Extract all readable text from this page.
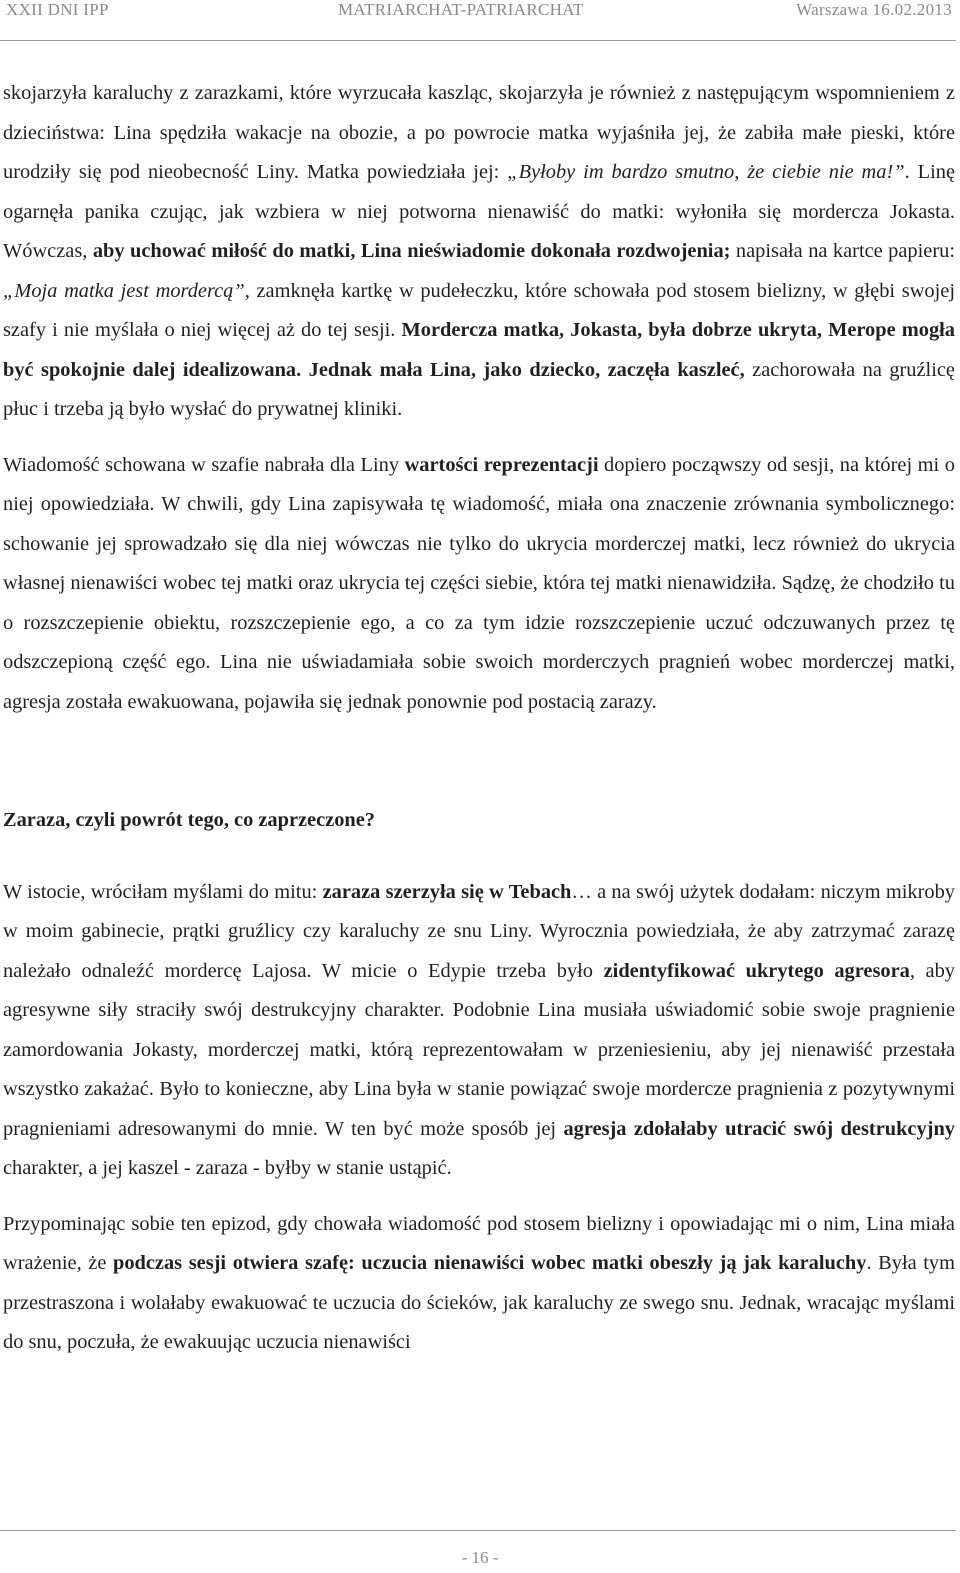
XXII DNI IPP	MATRIARCHAT-PATRIARCHAT	Warszawa 16.02.2013

skojarzyła karaluchy z zarazkami, które wyrzucała kaszląc, skojarzyła je również z następującym wspomnieniem z dzieciństwa: Lina spędziła wakacje na obozie, a po powrocie matka wyjaśniła jej, że zabiła małe pieski, które urodziły się pod nieobecność Liny. Matka powiedziała jej: „Byłoby im bardzo smutno, że ciebie nie ma!”. Linę ogarnęła panika czując, jak wzbiera w niej potworna nienawiść do matki: wyłoniła się mordercza Jokasta. Wówczas, aby uchować miłość do matki, Lina nieświadomie dokonała rozdwojenia; napisała na kartce papieru: „Moja matka jest mordercą”, zamknęła kartkę w pudełeczku, które schowała pod stosem bielizny, w głębi swojej szafy i nie myślała o niej więcej aż do tej sesji. Mordercza matka, Jokasta, była dobrze ukryta, Merope mogła być spokojnie dalej idealizowana. Jednak mała Lina, jako dziecko, zaczęła kaszleć, zachorowała na gruźlicę płuc i trzeba ją było wysłać do prywatnej kliniki.

Wiadomość schowana w szafie nabrała dla Liny wartości reprezentacji dopiero począwszy od sesji, na której mi o niej opowiedziała. W chwili, gdy Lina zapisywała tę wiadomość, miała ona znaczenie zrównania symbolicznego: schowanie jej sprowadzało się dla niej wówczas nie tylko do ukrycia morderczej matki, lecz również do ukrycia własnej nienawiści wobec tej matki oraz ukrycia tej części siebie, która tej matki nienawidziła. Sądzę, że chodziło tu o rozszczepienie obiektu, rozszczepienie ego, a co za tym idzie rozszczepienie uczuć odczuwanych przez tę odszczepioną część ego. Lina nie uświadamiała sobie swoich morderczych pragnień wobec morderczej matki, agresja została ewakuowana, pojawiła się jednak ponownie pod postacią zarazy.

Zaraza, czyli powrót tego, co zaprzeczone?

W istocie, wróciłam myślami do mitu: zaraza szerzyła się w Tebach… a na swój użytek dodałam: niczym mikroby w moim gabinecie, prątki gruźlicy czy karaluchy ze snu Liny. Wyrocznia powiedziała, że aby zatrzymać zarazę należało odnaleźć mordercę Lajosa. W micie o Edypie trzeba było zidentyfikować ukrytego agresora, aby agresywne siły straciły swój destrukcyjny charakter. Podobnie Lina musiała uświadomić sobie swoje pragnienie zamordowania Jokasty, morderczej matki, którą reprezentowałam w przeniesieniu, aby jej nienawiść przestała wszystko zakażać. Było to konieczne, aby Lina była w stanie powiązać swoje mordercze pragnienia z pozytywnymi pragnieniami adresowanymi do mnie. W ten być może sposób jej agresja zdołałaby utracić swój destrukcyjny charakter, a jej kaszel - zaraza - byłby w stanie ustąpić.

Przypominając sobie ten epizod, gdy chowała wiadomość pod stosem bielizny i opowiadając mi o nim, Lina miała wrażenie, że podczas sesji otwiera szafę: uczucia nienawiści wobec matki obeszły ją jak karaluchy. Była tym przestraszona i wolałaby ewakuować te uczucia do ścieków, jak karaluchy ze swego snu. Jednak, wracając myślami do snu, poczuła, że ewakuując uczucia nienawiści

- 16 -
